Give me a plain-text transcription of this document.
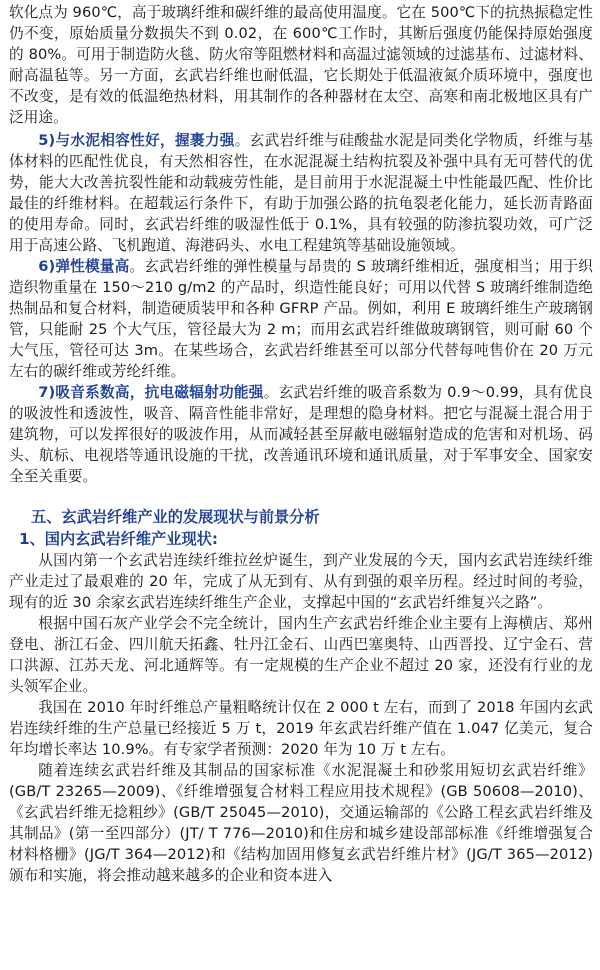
软化点为 960℃，高于玻璃纤维和碳纤维的最高使用温度。它在 500℃下的抗热振稳定性仍不变，原始质量分数损失不到 0.02，在 600℃工作时，其断后强度仍能保持原始强度的 80%。可用于制造防火毯、防火帘等阻燃材料和高温过滤领域的过滤基布、过滤材料、耐高温毡等。另一方面，玄武岩纤维也耐低温，它长期处于低温液氮介质环境中，强度也不改变，是有效的低温绝热材料，用其制作的各种器材在太空、高寒和南北极地区具有广泛用途。

5)与水泥相容性好，握裹力强。玄武岩纤维与硅酸盐水泥是同类化学物质，纤维与基体材料的匹配性优良，有天然相容性，在水泥混凝土结构抗裂及补强中具有无可替代的优势，能大大改善抗裂性能和动载疲劳性能，是目前用于水泥混凝土中性能最匹配、性价比最佳的纤维材料。在超载运行条件下，有助于加强公路的抗龟裂老化能力，延长沥青路面的使用寿命。同时，玄武岩纤维的吸湿性低于 0.1%，具有较强的防渗抗裂功效，可广泛用于高速公路、飞机跑道、海港码头、水电工程建筑等基础设施领域。

6)弹性模量高。玄武岩纤维的弹性模量与昂贵的 S 玻璃纤维相近，强度相当；用于织造织物重量在 150～210 g/m2 的产品时，织造性能良好；可用以代替 S 玻璃纤维制造绝热制品和复合材料，制造硬质装甲和各种 GFRP 产品。例如，利用 E 玻璃纤维生产玻璃钢管，只能耐 25 个大气压，管径最大为 2 m；而用玄武岩纤维做玻璃钢管，则可耐 60 个大气压，管径可达 3m。在某些场合，玄武岩纤维甚至可以部分代替每吨售价在 20 万元左右的碳纤维或芳纶纤维。

7)吸音系数高，抗电磁辐射功能强。玄武岩纤维的吸音系数为 0.9～0.99，具有优良的吸波性和透波性，吸音、隔音性能非常好，是理想的隐身材料。把它与混凝土混合用于建筑物，可以发挥很好的吸波作用，从而减轻甚至屏蔽电磁辐射造成的危害和对机场、码头、航标、电视塔等通讯设施的干扰，改善通讯环境和通讯质量，对于军事安全、国家安全至关重要。

五、玄武岩纤维产业的发展现状与前景分析
1、国内玄武岩纤维产业现状:

从国内第一个玄武岩连续纤维拉丝炉诞生，到产业发展的今天，国内玄武岩连续纤维产业走过了最艰难的 20 年，完成了从无到有、从有到强的艰辛历程。经过时间的考验，现有的近 30 余家玄武岩连续纤维生产企业，支撑起中国的“玄武岩纤维复兴之路”。

根据中国石灰产业学会不完全统计，国内生产玄武岩纤维企业主要有上海横店、郑州登电、浙江石金、四川航天拓鑫、牡丹江金石、山西巴塞奥特、山西晋投、辽宁金石、营口洪源、江苏天龙、河北通辉等。有一定规模的生产企业不超过 20 家，还没有行业的龙头领军企业。

我国在 2010 年时纤维总产量粗略统计仅在 2 000 t 左右，而到了 2018 年国内玄武岩连续纤维的生产总量已经接近 5 万 t，2019 年玄武岩纤维产值在 1.047 亿美元，复合年均增长率达 10.9%。有专家学者预测：2020 年为 10 万 t 左右。

随着连续玄武岩纤维及其制品的国家标准《水泥混凝土和砂浆用短切玄武岩纤维》(GB/T 23265—2009)、《纤维增强复合材料工程应用技术规程》(GB 50608—2010)、《玄武岩纤维无捻粗纱》(GB/T 25045—2010)，交通运输部的《公路工程玄武岩纤维及其制品》(第一至四部分）(JT/ T 776—2010)和住房和城乡建设部部标准《纤维增强复合材料格栅》(JG/T 364—2012)和《结构加固用修复玄武岩纤维片材》(JG/T 365—2012)颁布和实施，将会推动越来越多的企业和资本进入
